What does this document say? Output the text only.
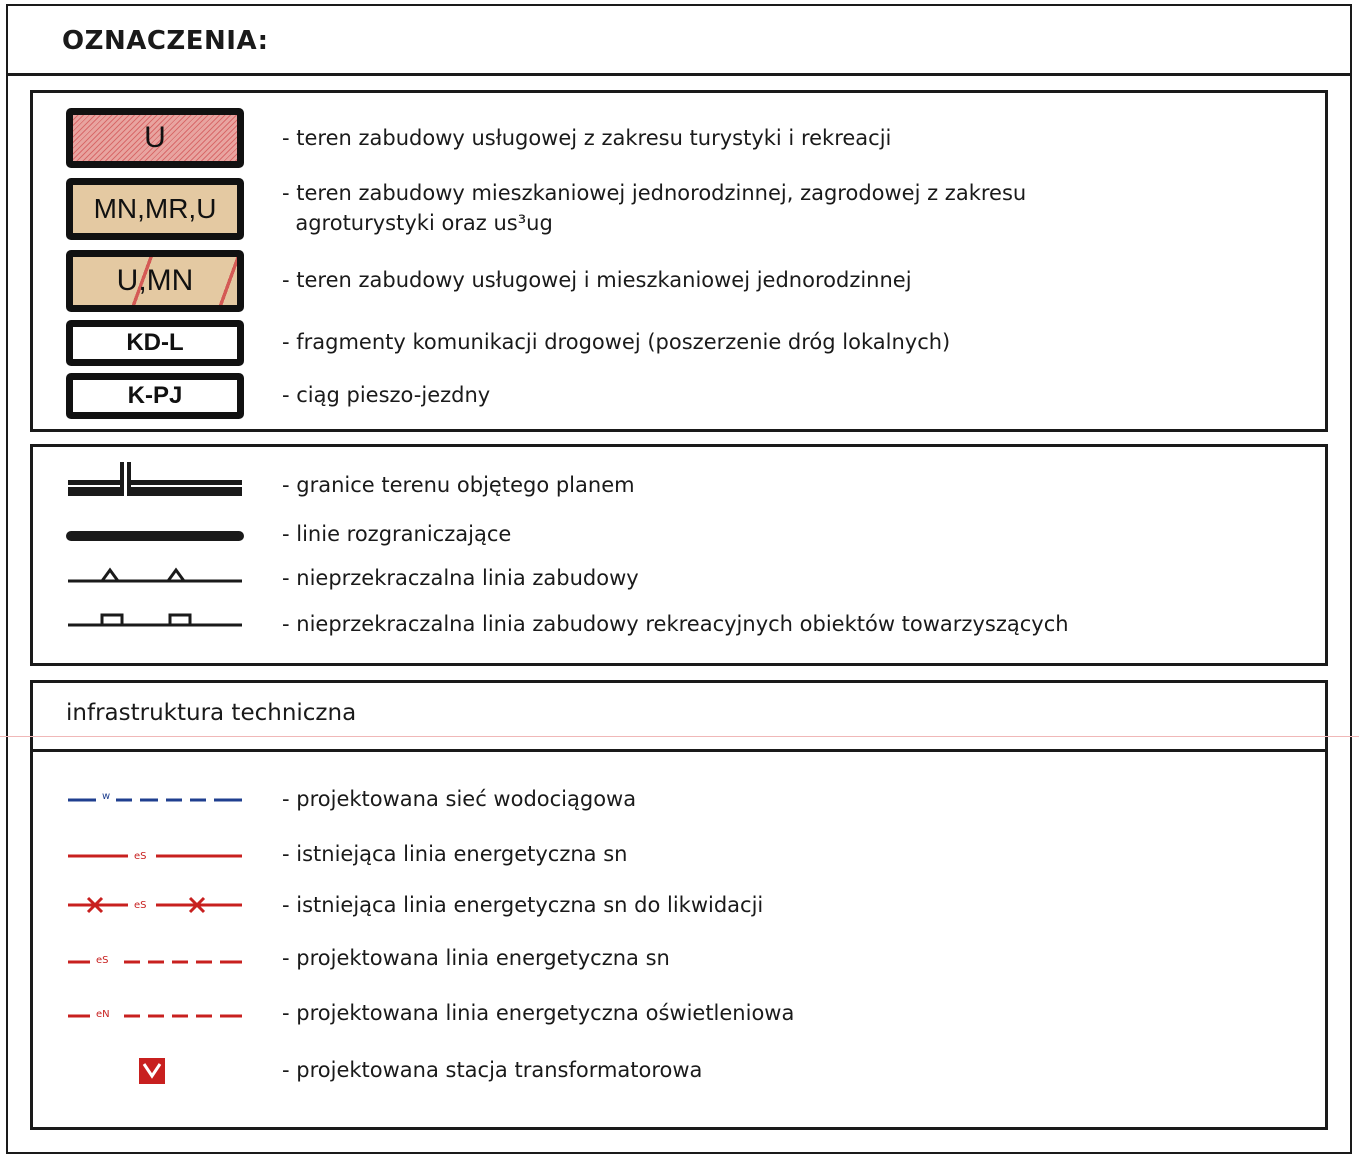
OZNACZENIA:
U	- teren zabudowy usługowej z zakresu turystyki i rekreacji
MN,MR,U	- teren zabudowy mieszkaniowej jednorodzinnej, zagrodowej z zakresu
agroturystyki oraz us³ug
U,MN	- teren zabudowy usługowej i mieszkaniowej jednorodzinnej
KD-L	- fragmenty komunikacji drogowej (poszerzenie dróg lokalnych)
K-PJ	- ciąg pieszo-jezdny
- granice terenu objętego planem
- linie rozgraniczające
- nieprzekraczalna linia zabudowy
- nieprzekraczalna linia zabudowy rekreacyjnych obiektów towarzyszących
infrastruktura techniczna
w	- projektowana sieć wodociągowa
eS	- istniejąca linia energetyczna sn
eS	- istniejąca linia energetyczna sn do likwidacji
eS	- projektowana linia energetyczna sn
eN	- projektowana linia energetyczna oświetleniowa
- projektowana stacja transformatorowa
